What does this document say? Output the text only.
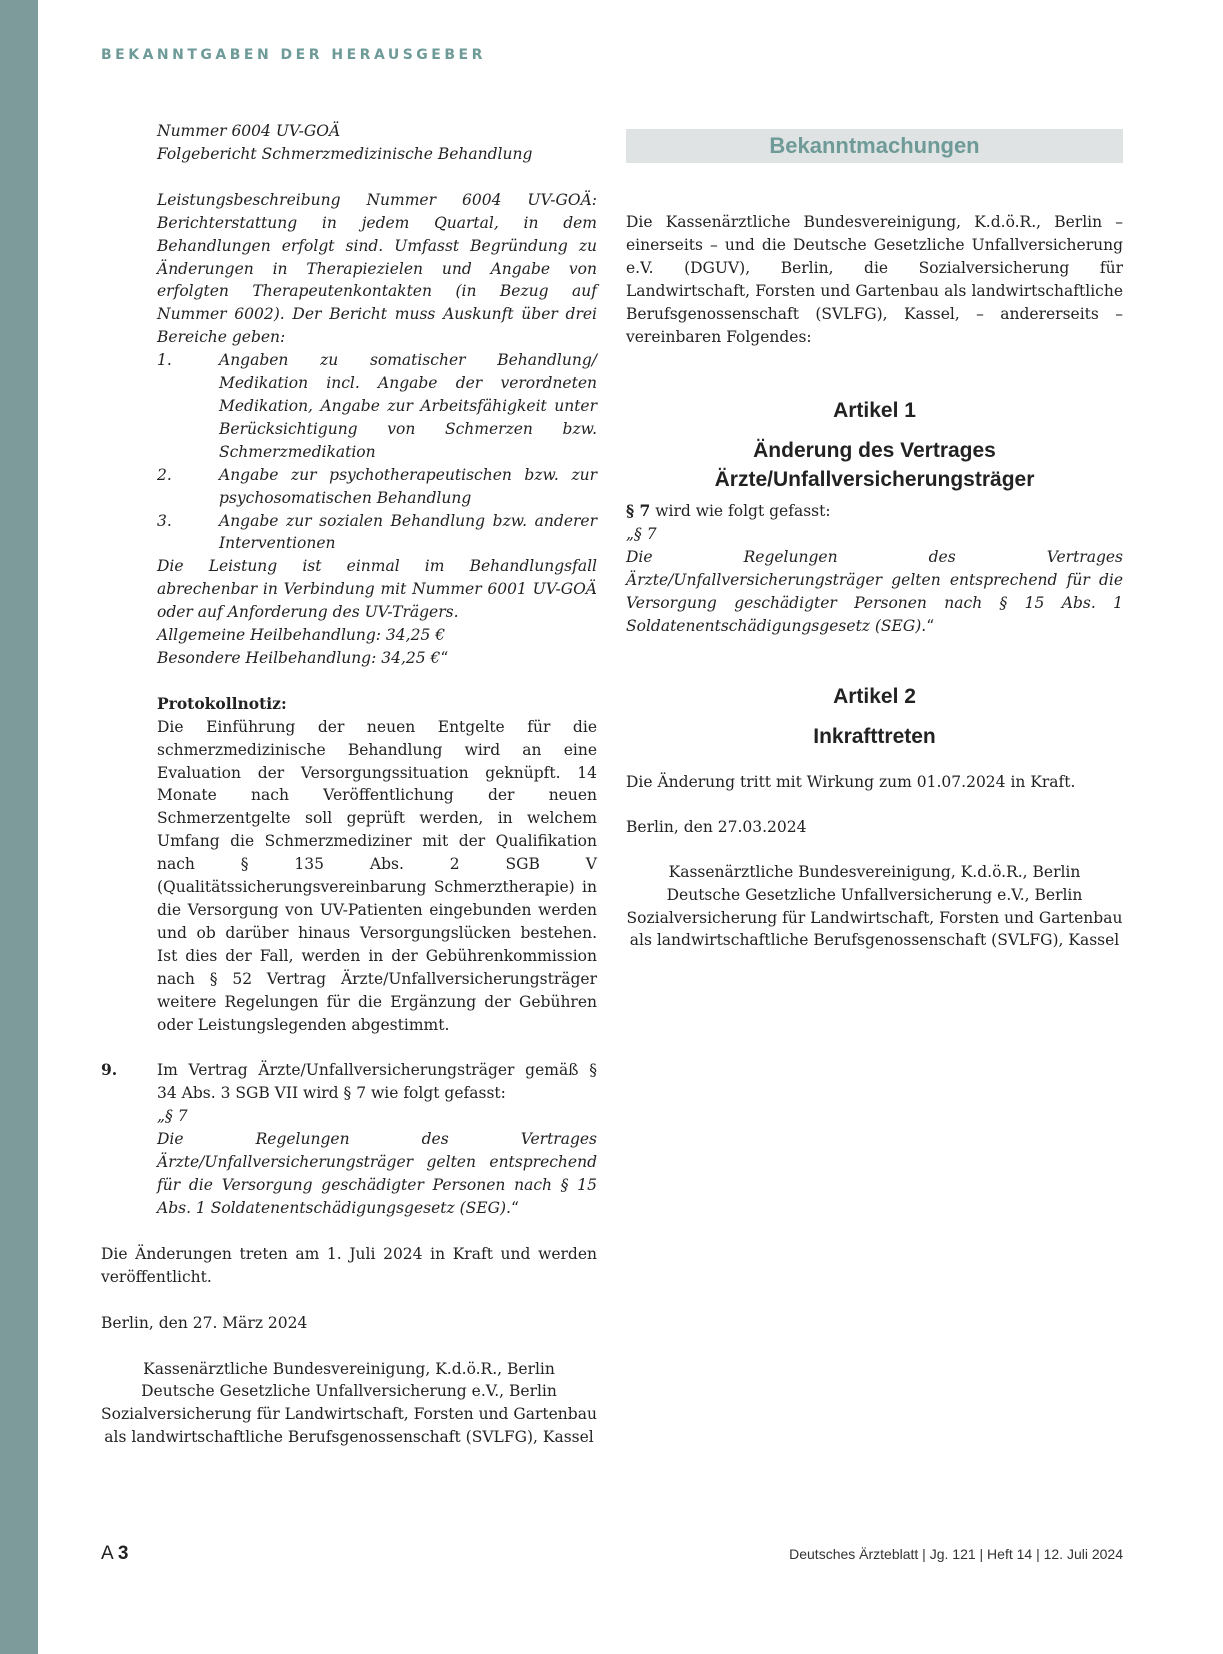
BEKANNTGABEN DER HERAUSGEBER

Nummer 6004 UV-GOÄ

Folgebericht Schmerzmedizinische Behandlung

Leistungsbeschreibung Nummer 6004 UV-GOÄ: Berichterstattung in jedem Quartal, in dem Behandlungen erfolgt sind. Umfasst Begründung zu Änderungen in Therapiezielen und Angabe von erfolgten Therapeutenkontakten (in Bezug auf Nummer 6002). Der Bericht muss Auskunft über drei Bereiche geben:

1.	Angaben zu somatischer Behandlung/ Medikation incl. Angabe der verordneten Medikation, Angabe zur Arbeitsfähigkeit unter Berücksichtigung von Schmerzen bzw. Schmerzmedikation
2.	Angabe zur psychotherapeutischen bzw. zur psychosomatischen Behandlung
3.	Angabe zur sozialen Behandlung bzw. anderer Interventionen

Die Leistung ist einmal im Behandlungsfall abrechenbar in Verbindung mit Nummer 6001 UV-GOÄ oder auf Anforderung des UV-Trägers.

Allgemeine Heilbehandlung: 34,25 €

Besondere Heilbehandlung: 34,25 €“

Protokollnotiz:

Die Einführung der neuen Entgelte für die schmerzmedizinische Behandlung wird an eine Evaluation der Versorgungssituation geknüpft. 14 Monate nach Veröffentlichung der neuen Schmerzentgelte soll geprüft werden, in welchem Umfang die Schmerzmediziner mit der Qualifikation nach § 135 Abs. 2 SGB V (Qualitätssicherungsvereinbarung Schmerztherapie) in die Versorgung von UV-Patienten eingebunden werden und ob darüber hinaus Versorgungslücken bestehen. Ist dies der Fall, werden in der Gebührenkommission nach § 52 Vertrag Ärzte/Unfallversicherungsträger weitere Regelungen für die Ergänzung der Gebühren oder Leistungslegenden abgestimmt.

9.	Im Vertrag Ärzte/Unfallversicherungsträger gemäß § 34 Abs. 3 SGB VII wird § 7 wie folgt gefasst:

„§ 7

Die Regelungen des Vertrages Ärzte/Unfallversicherungsträger gelten entsprechend für die Versorgung geschädigter Personen nach § 15 Abs. 1 Soldatenentschädigungsgesetz (SEG).“

Die Änderungen treten am 1. Juli 2024 in Kraft und werden veröffentlicht.

Berlin, den 27. März 2024

Kassenärztliche Bundesvereinigung, K.d.ö.R., Berlin

Deutsche Gesetzliche Unfallversicherung e.V., Berlin

Sozialversicherung für Landwirtschaft, Forsten und Gartenbau

als landwirtschaftliche Berufsgenossenschaft (SVLFG), Kassel

Bekanntmachungen

Die Kassenärztliche Bundesvereinigung, K.d.ö.R., Berlin – einerseits – und die Deutsche Gesetzliche Unfallversicherung e.V. (DGUV), Berlin, die Sozialversicherung für Landwirtschaft, Forsten und Gartenbau als landwirtschaftliche Berufsgenossenschaft (SVLFG), Kassel, – andererseits – vereinbaren Folgendes:

Artikel 1
Änderung des Vertrages
Ärzte/Unfallversicherungsträger

§ 7 wird wie folgt gefasst:

„§ 7

Die Regelungen des Vertrages Ärzte/Unfallversicherungsträger gelten entsprechend für die Versorgung geschädigter Personen nach § 15 Abs. 1 Soldatenentschädigungsgesetz (SEG).“

Artikel 2
Inkrafttreten

Die Änderung tritt mit Wirkung zum 01.07.2024 in Kraft.

Berlin, den 27.03.2024

Kassenärztliche Bundesvereinigung, K.d.ö.R., Berlin

Deutsche Gesetzliche Unfallversicherung e.V., Berlin

Sozialversicherung für Landwirtschaft, Forsten und Gartenbau

als landwirtschaftliche Berufsgenossenschaft (SVLFG), Kassel

A 3	Deutsches Ärzteblatt | Jg. 121 | Heft 14 | 12. Juli 2024
